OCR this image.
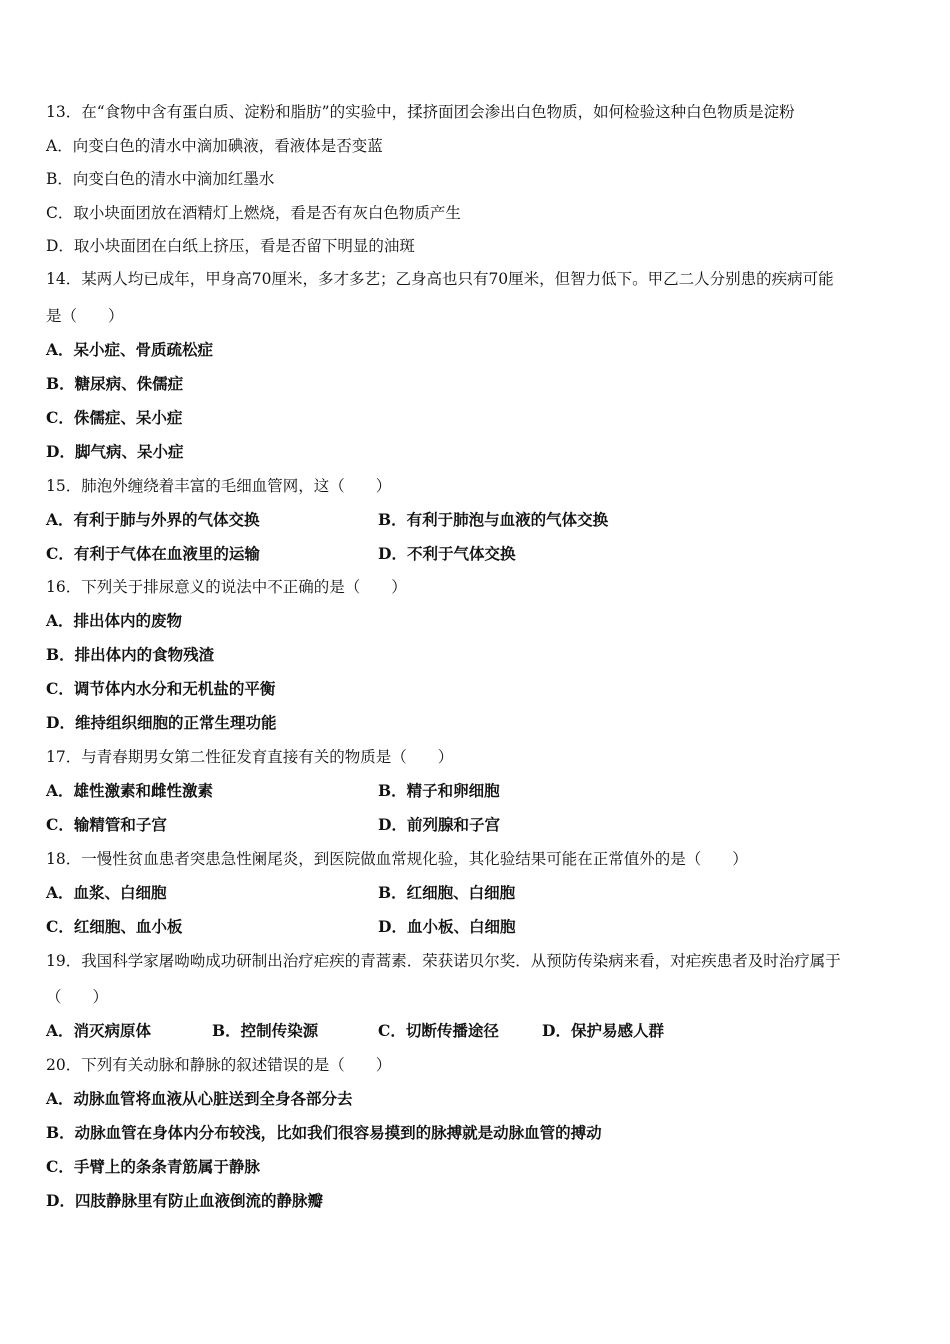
13．在“食物中含有蛋白质、淀粉和脂肪”的实验中，揉挤面团会渗出白色物质，如何检验这种白色物质是淀粉
A．向变白色的清水中滴加碘液，看液体是否变蓝
B．向变白色的清水中滴加红墨水
C．取小块面团放在酒精灯上燃烧，看是否有灰白色物质产生
D．取小块面团在白纸上挤压，看是否留下明显的油斑
14．某两人均已成年，甲身高70厘米，多才多艺；乙身高也只有70厘米，但智力低下。甲乙二人分别患的疾病可能
是（　　）
A．呆小症、骨质疏松症
B．糖尿病、侏儒症
C．侏儒症、呆小症
D．脚气病、呆小症
15．肺泡外缠绕着丰富的毛细血管网，这（　　）
A．有利于肺与外界的气体交换	B．有利于肺泡与血液的气体交换
C．有利于气体在血液里的运输	D．不利于气体交换
16．下列关于排尿意义的说法中不正确的是（　　）
A．排出体内的废物
B．排出体内的食物残渣
C．调节体内水分和无机盐的平衡
D．维持组织细胞的正常生理功能
17．与青春期男女第二性征发育直接有关的物质是（　　）
A．雄性激素和雌性激素	B．精子和卵细胞
C．输精管和子宫	D．前列腺和子宫
18．一慢性贫血患者突患急性阑尾炎，到医院做血常规化验，其化验结果可能在正常值外的是（　　）
A．血浆、白细胞	B．红细胞、白细胞
C．红细胞、血小板	D．血小板、白细胞
19．我国科学家屠呦呦成功研制出治疗疟疾的青蒿素．荣获诺贝尔奖．从预防传染病来看，对疟疾患者及时治疗属于
（　　）
A．消灭病原体	B．控制传染源	C．切断传播途径	D．保护易感人群
20．下列有关动脉和静脉的叙述错误的是（　　）
A．动脉血管将血液从心脏送到全身各部分去
B．动脉血管在身体内分布较浅，比如我们很容易摸到的脉搏就是动脉血管的搏动
C．手臂上的条条青筋属于静脉
D．四肢静脉里有防止血液倒流的静脉瓣
